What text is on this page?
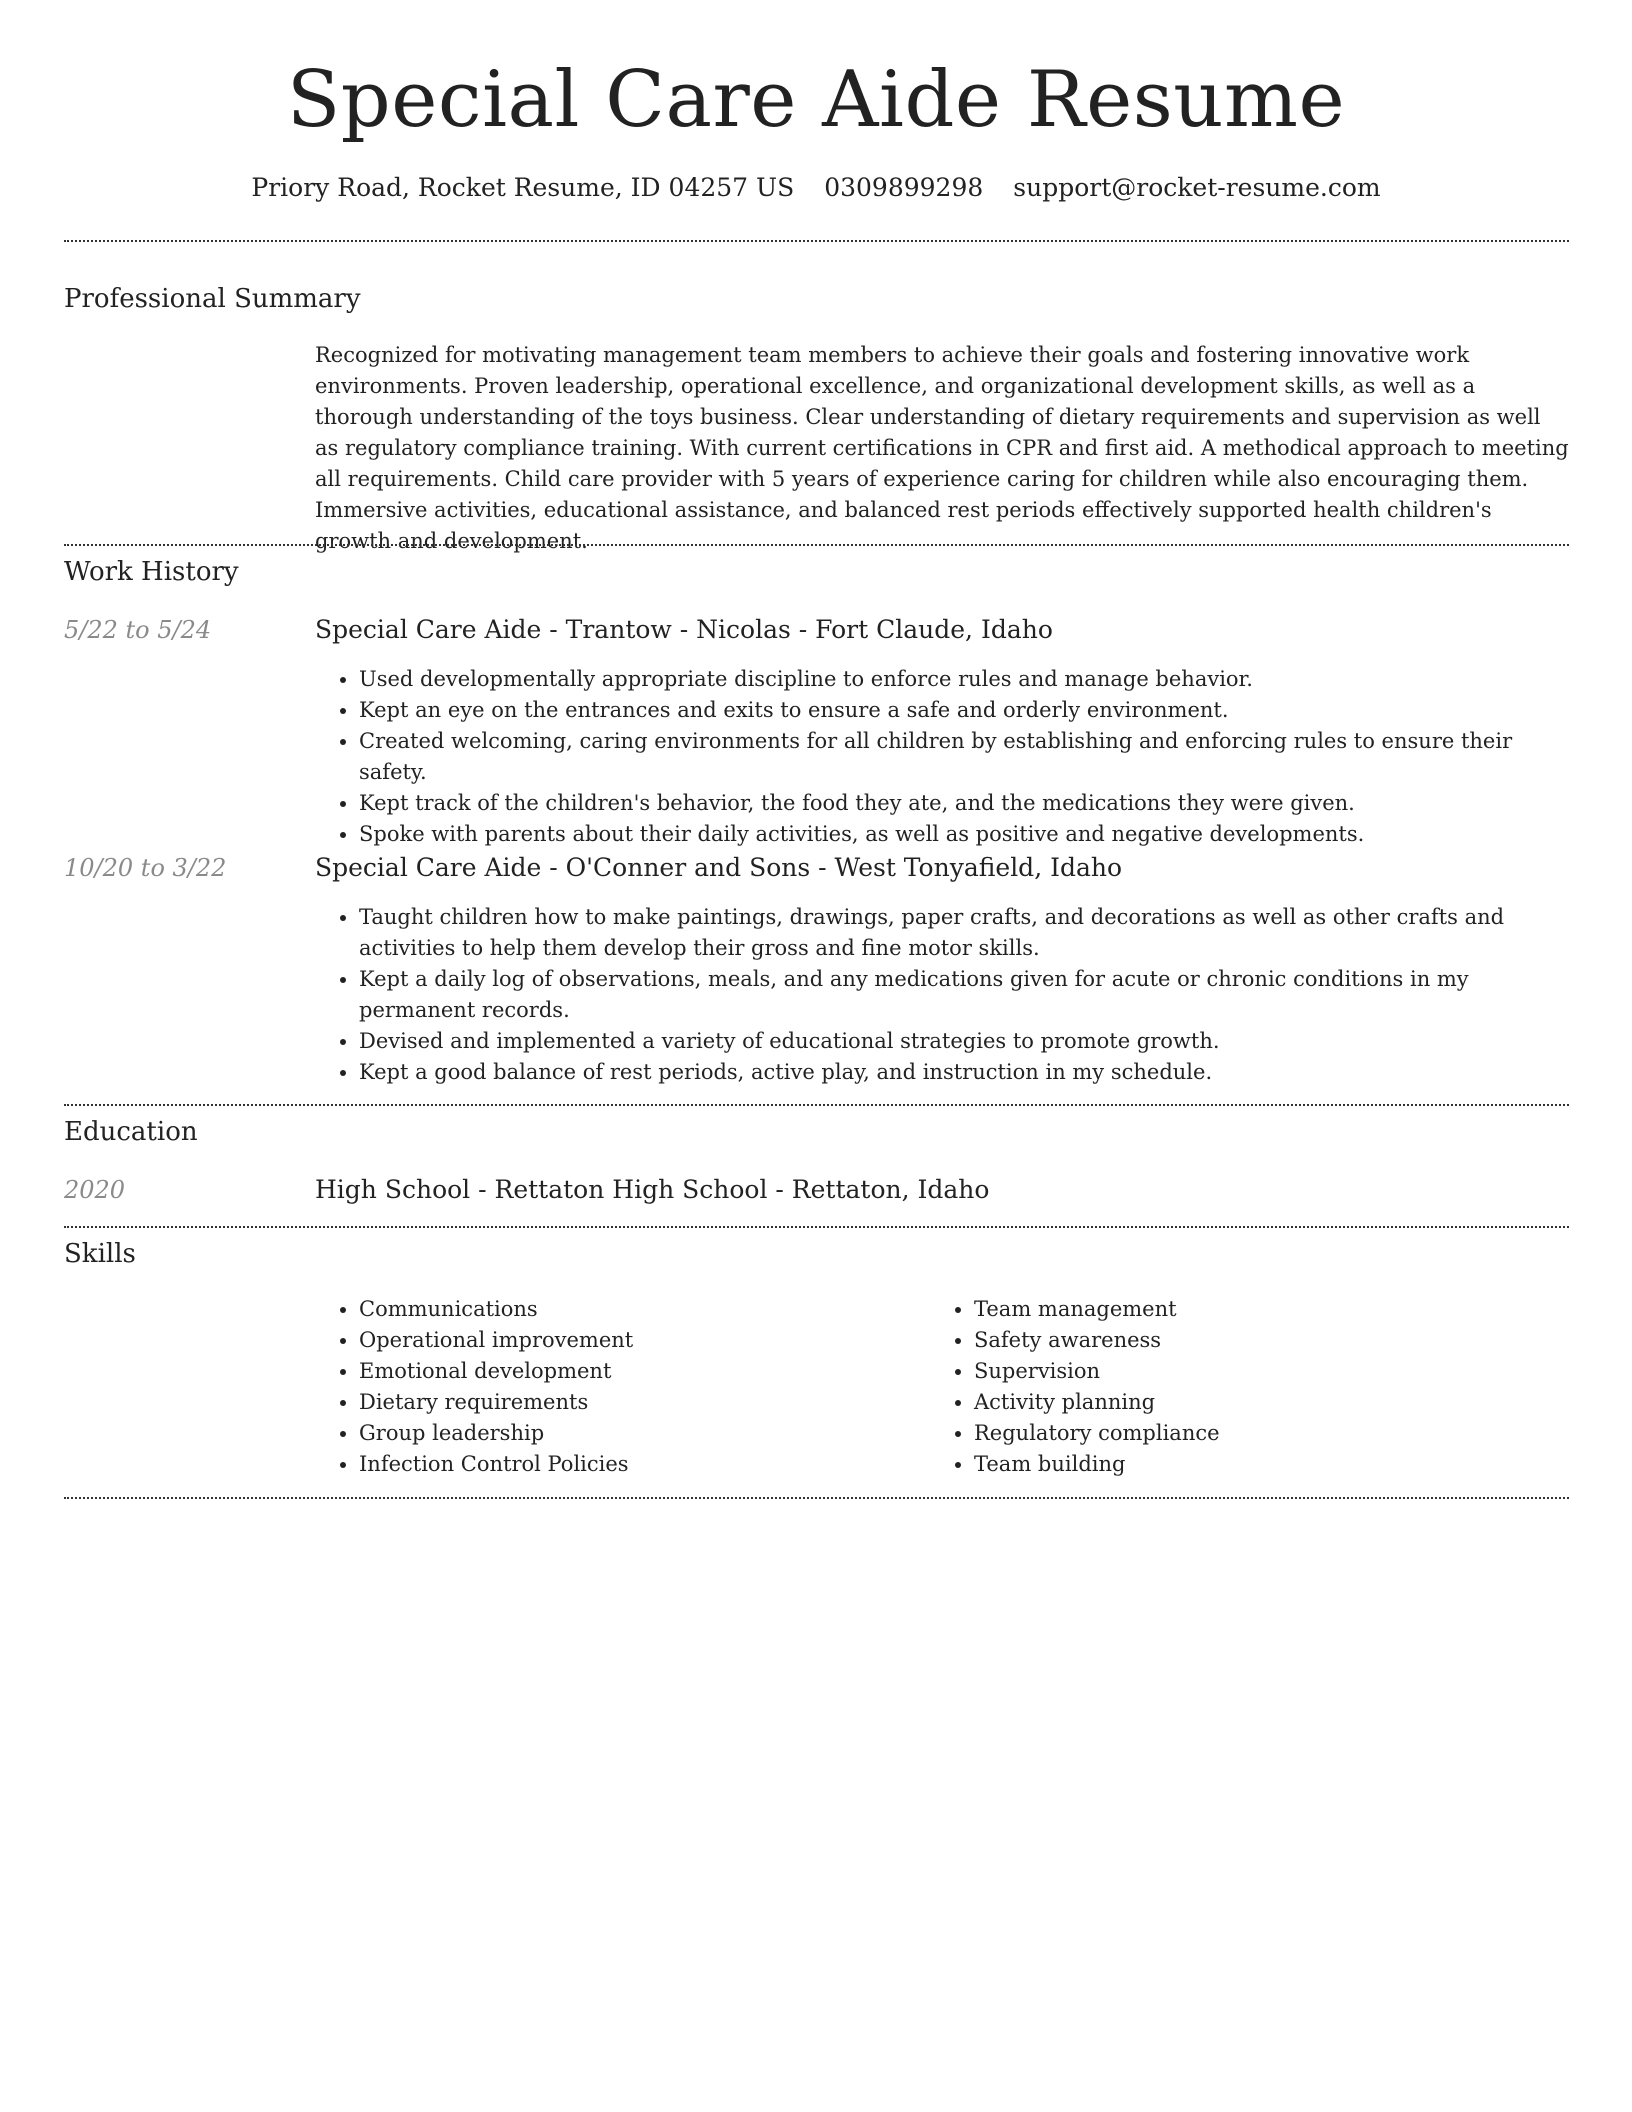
Special Care Aide Resume
Priory Road, Rocket Resume, ID 04257 US 0309899298 support@rocket-resume.com
Professional Summary
Recognized for motivating management team members to achieve their goals and fostering innovative work environments. Proven leadership, operational excellence, and organizational development skills, as well as a thorough understanding of the toys business. Clear understanding of dietary requirements and supervision as well as regulatory compliance training. With current certifications in CPR and first aid. A methodical approach to meeting all requirements. Child care provider with 5 years of experience caring for children while also encouraging them. Immersive activities, educational assistance, and balanced rest periods effectively supported health children's growth and development.
Work History
5/22 to 5/24	Special Care Aide - Trantow - Nicolas - Fort Claude, Idaho
• Used developmentally appropriate discipline to enforce rules and manage behavior.
• Kept an eye on the entrances and exits to ensure a safe and orderly environment.
• Created welcoming, caring environments for all children by establishing and enforcing rules to ensure their safety.
• Kept track of the children's behavior, the food they ate, and the medications they were given.
• Spoke with parents about their daily activities, as well as positive and negative developments.
10/20 to 3/22	Special Care Aide - O'Conner and Sons - West Tonyafield, Idaho
• Taught children how to make paintings, drawings, paper crafts, and decorations as well as other crafts and activities to help them develop their gross and fine motor skills.
• Kept a daily log of observations, meals, and any medications given for acute or chronic conditions in my permanent records.
• Devised and implemented a variety of educational strategies to promote growth.
• Kept a good balance of rest periods, active play, and instruction in my schedule.
Education
2020	High School - Rettaton High School - Rettaton, Idaho
Skills
• Communications
• Operational improvement
• Emotional development
• Dietary requirements
• Group leadership
• Infection Control Policies
• Team management
• Safety awareness
• Supervision
• Activity planning
• Regulatory compliance
• Team building
